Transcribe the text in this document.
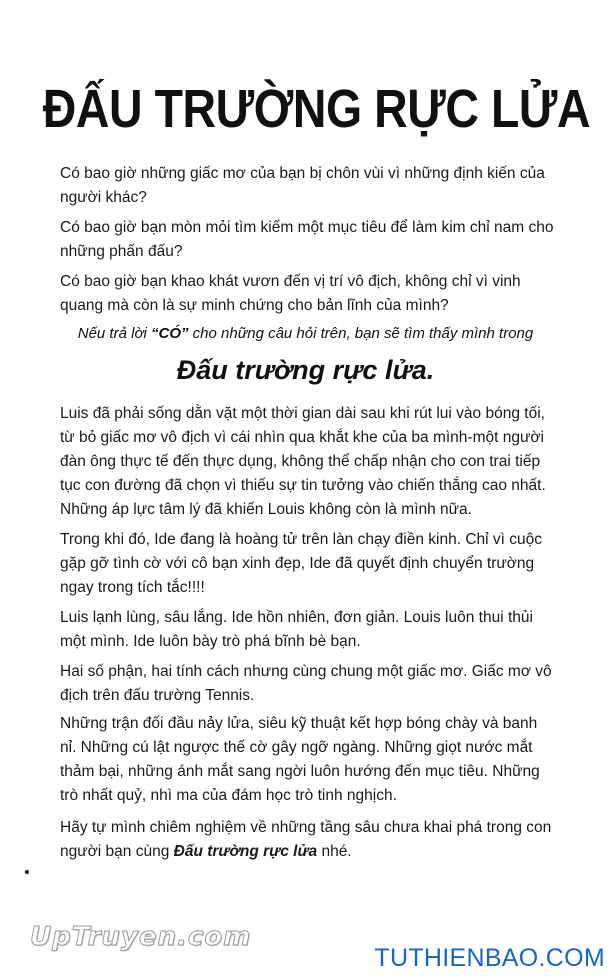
ĐẤU TRƯỜNG RỰC LỬA

Có bao giờ những giấc mơ của bạn bị chôn vùi vì những định kiến của
người khác?

Có bao giờ bạn mòn mỏi tìm kiếm một mục tiêu để làm kim chỉ nam cho
những phấn đấu?

Có bao giờ bạn khao khát vươn đến vị trí vô địch, không chỉ vì vinh
quang mà còn là sự minh chứng cho bản lĩnh của mình?

Nếu trả lời “CÓ” cho những câu hỏi trên, bạn sẽ tìm thấy mình trong

Đấu trường rực lửa.

Luis đã phải sống dằn vặt một thời gian dài sau khi rút lui vào bóng tối,
từ bỏ giấc mơ vô địch vì cái nhìn qua khắt khe của ba mình-một người
đàn ông thực tế đến thực dụng, không thể chấp nhận cho con trai tiếp
tục con đường đã chọn vì thiếu sự tin tưởng vào chiến thắng cao nhất.
Những áp lực tâm lý đã khiến Louis không còn là mình nữa.

Trong khi đó, Ide đang là hoàng tử trên làn chạy điền kinh. Chỉ vì cuộc
gặp gỡ tình cờ với cô bạn xinh đẹp, Ide đã quyết định chuyển trường
ngay trong tích tắc!!!!

Luis lạnh lùng, sâu lắng. Ide hồn nhiên, đơn giản. Louis luôn thui thủi
một mình. Ide luôn bày trò phá bĩnh bè bạn.

Hai số phận, hai tính cách nhưng cùng chung một giấc mơ. Giấc mơ vô
địch trên đấu trường Tennis.

Những trận đối đầu nảy lửa, siêu kỹ thuật kết hợp bóng chày và banh
nỉ. Những cú lật ngược thế cờ gây ngỡ ngàng. Những giọt nước mắt
thảm bại, những ánh mắt sang ngời luôn hướng đến mục tiêu. Những
trò nhất quỷ, nhì ma của đám học trò tinh nghịch.

Hãy tự mình chiêm nghiệm về những tầng sâu chưa khai phá trong con
người bạn cùng Đấu trường rực lửa nhé.

UpTruyen.com

TUTHIENBAO.COM
